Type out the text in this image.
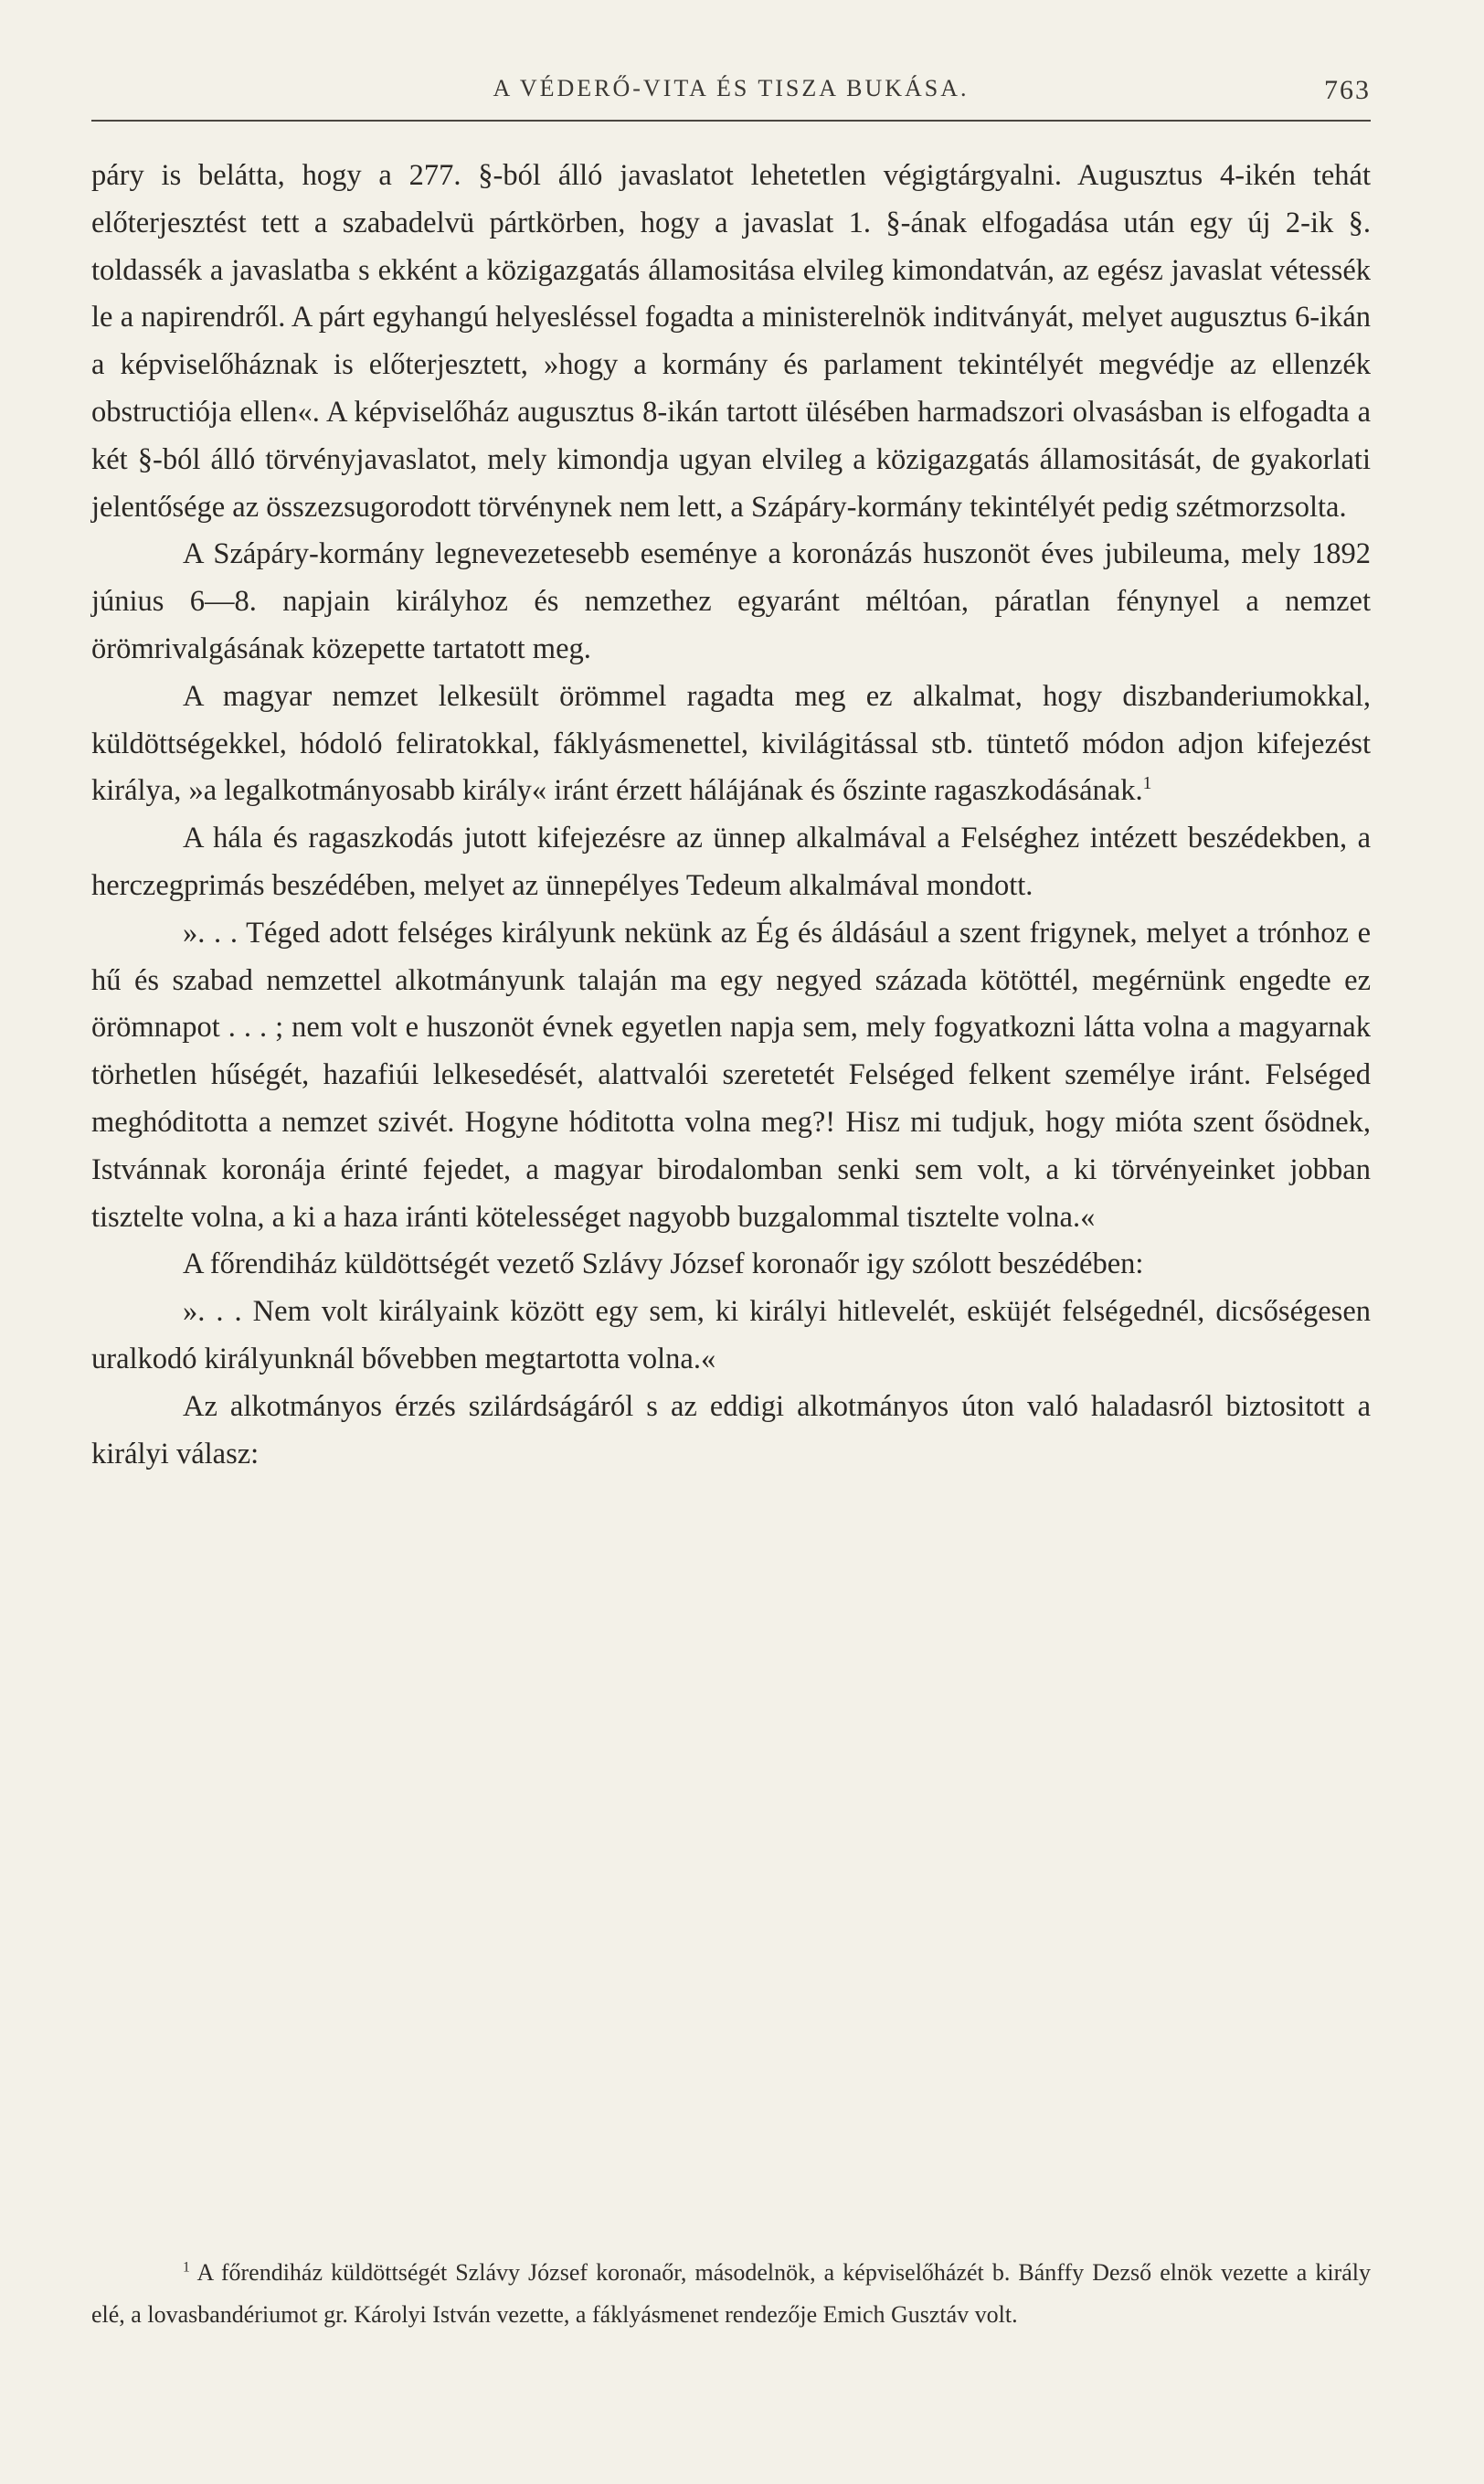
A VÉDERŐ-VITA ÉS TISZA BUKÁSA.	763

páry is belátta, hogy a 277. §-ból álló javaslatot lehetetlen végigtárgyalni. Augusztus 4-ikén tehát előterjesztést tett a szabadelvü pártkörben, hogy a javaslat 1. §-ának elfogadása után egy új 2-ik §. toldassék a javaslatba s ekként a közigazgatás államositása elvileg kimondatván, az egész javaslat vétessék le a napirendről. A párt egyhangú helyesléssel fogadta a ministerelnök inditványát, melyet augusztus 6-ikán a képviselőháznak is előterjesztett, »hogy a kormány és parlament tekintélyét megvédje az ellenzék obstructiója ellen«. A képviselőház augusztus 8-ikán tartott ülésében harmadszori olvasásban is elfogadta a két §-ból álló törvényjavaslatot, mely kimondja ugyan elvileg a közigazgatás államositását, de gyakorlati jelentősége az összezsugorodott törvénynek nem lett, a Szápáry-kormány tekintélyét pedig szétmorzsolta.

A Szápáry-kormány legnevezetesebb eseménye a koronázás huszonöt éves jubileuma, mely 1892 június 6—8. napjain királyhoz és nemzethez egyaránt méltóan, páratlan fénynyel a nemzet örömrivalgásának közepette tartatott meg.

A magyar nemzet lelkesült örömmel ragadta meg ez alkalmat, hogy diszbanderiumokkal, küldöttségekkel, hódoló feliratokkal, fáklyásmenettel, kivilágitással stb. tüntető módon adjon kifejezést királya, »a legalkotmányosabb király« iránt érzett hálájának és őszinte ragaszkodásának.$^1$

A hála és ragaszkodás jutott kifejezésre az ünnep alkalmával a Felséghez intézett beszédekben, a herczegprimás beszédében, melyet az ünnepélyes Tedeum alkalmával mondott.

». . . Téged adott felséges királyunk nekünk az Ég és áldásául a szent frigynek, melyet a trónhoz e hű és szabad nemzettel alkotmányunk talaján ma egy negyed százada kötöttél, megérnünk engedte ez örömnapot . . . ; nem volt e huszonöt évnek egyetlen napja sem, mely fogyatkozni látta volna a magyarnak törhetlen hűségét, hazafiúi lelkesedését, alattvalói szeretetét Felséged felkent személye iránt. Felséged meghóditotta a nemzet szivét. Hogyne hóditotta volna meg?! Hisz mi tudjuk, hogy mióta szent ősödnek, Istvánnak koronája érinté fejedet, a magyar birodalomban senki sem volt, a ki törvényeinket jobban tisztelte volna, a ki a haza iránti kötelességet nagyobb buzgalommal tisztelte volna.«

A főrendiház küldöttségét vezető Szlávy József koronaőr igy szólott beszédében:

». . . Nem volt királyaink között egy sem, ki királyi hitlevelét, esküjét felségednél, dicsőségesen uralkodó királyunknál bővebben megtartotta volna.«

Az alkotmányos érzés szilárdságáról s az eddigi alkotmányos úton való haladasról biztositott a királyi válasz:

$^1$ A főrendiház küldöttségét Szlávy József koronaőr, másodelnök, a képviselőházét b. Bánffy Dezső elnök vezette a király elé, a lovasbandériumot gr. Károlyi István vezette, a fáklyásmenet rendezője Emich Gusztáv volt.
